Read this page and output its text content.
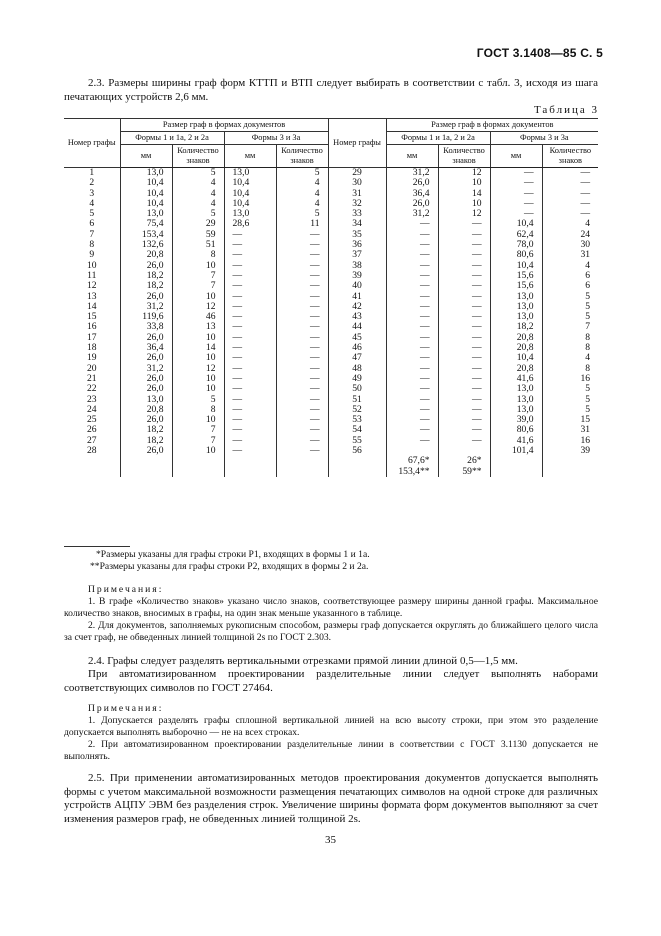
ГОСТ 3.1408—85 С. 5
2.3. Размеры ширины граф форм КТТП и ВТП следует выбирать в соответствии с табл. 3, исходя из шага печатающих устройств 2,6 мм.
Таблица 3
Номер графы	Размер граф в формах документов				Номер графы	Размер граф в формах документов			
	Формы 1 и 1а, 2 и 2а		Формы 3 и 3а			Формы 1 и 1а, 2 и 2а		Формы 3 и 3а	
	мм	Количество знаков	мм	Количество знаков		мм	Количество знаков	мм	Количество знаков
1	13,0	5	13,0	5	29	31,2	12	—	—
2	10,4	4	10,4	4	30	26,0	10	—	—
3	10,4	4	10,4	4	31	36,4	14	—	—
4	10,4	4	10,4	4	32	26,0	10	—	—
5	13,0	5	13,0	5	33	31,2	12	—	—
6	75,4	29	28,6	11	34	—	—	10,4	4
7	153,4	59	—	—	35	—	—	62,4	24
8	132,6	51	—	—	36	—	—	78,0	30
9	20,8	8	—	—	37	—	—	80,6	31
10	26,0	10	—	—	38	—	—	10,4	4
11	18,2	7	—	—	39	—	—	15,6	6
12	18,2	7	—	—	40	—	—	15,6	6
13	26,0	10	—	—	41	—	—	13,0	5
14	31,2	12	—	—	42	—	—	13,0	5
15	119,6	46	—	—	43	—	—	13,0	5
16	33,8	13	—	—	44	—	—	18,2	7
17	26,0	10	—	—	45	—	—	20,8	8
18	36,4	14	—	—	46	—	—	20,8	8
19	26,0	10	—	—	47	—	—	10,4	4
20	31,2	12	—	—	48	—	—	20,8	8
21	26,0	10	—	—	49	—	—	41,6	16
22	26,0	10	—	—	50	—	—	13,0	5
23	13,0	5	—	—	51	—	—	13,0	5
24	20,8	8	—	—	52	—	—	13,0	5
25	26,0	10	—	—	53	—	—	39,0	15
26	18,2	7	—	—	54	—	—	80,6	31
27	18,2	7	—	—	55	—	—	41,6	16
28	26,0	10	—	—	56			101,4	39
						67,6*	26*		
						153,4**	59**		
*Размеры указаны для графы строки Р1, входящих в формы 1 и 1а.
**Размеры указаны для графы строки Р2, входящих в формы 2 и 2а.
Примечания:
1. В графе «Количество знаков» указано число знаков, соответствующее размеру ширины данной графы. Максимальное количество знаков, вносимых в графы, на один знак меньше указанного в таблице.
2. Для документов, заполняемых рукописным способом, размеры граф допускается округлять до ближайшего целого числа за счет граф, не обведенных линией толщиной 2s по ГОСТ 2.303.
2.4. Графы следует разделять вертикальными отрезками прямой линии длиной 0,5—1,5 мм.
При автоматизированном проектировании разделительные линии следует выполнять наборами соответствующих символов по ГОСТ 27464.
Примечания:
1. Допускается разделять графы сплошной вертикальной линией на всю высоту строки, при этом это разделение допускается выполнять выборочно — не на всех строках.
2. При автоматизированном проектировании разделительные линии в соответствии с ГОСТ 3.1130 допускается не выполнять.
2.5. При применении автоматизированных методов проектирования документов допускается выполнять формы с учетом максимальной возможности размещения печатающих символов на одной строке для различных устройств АЦПУ ЭВМ без разделения строк. Увеличение ширины формата форм документов выполняют за счет изменения размеров граф, не обведенных линией толщиной 2s.
35
